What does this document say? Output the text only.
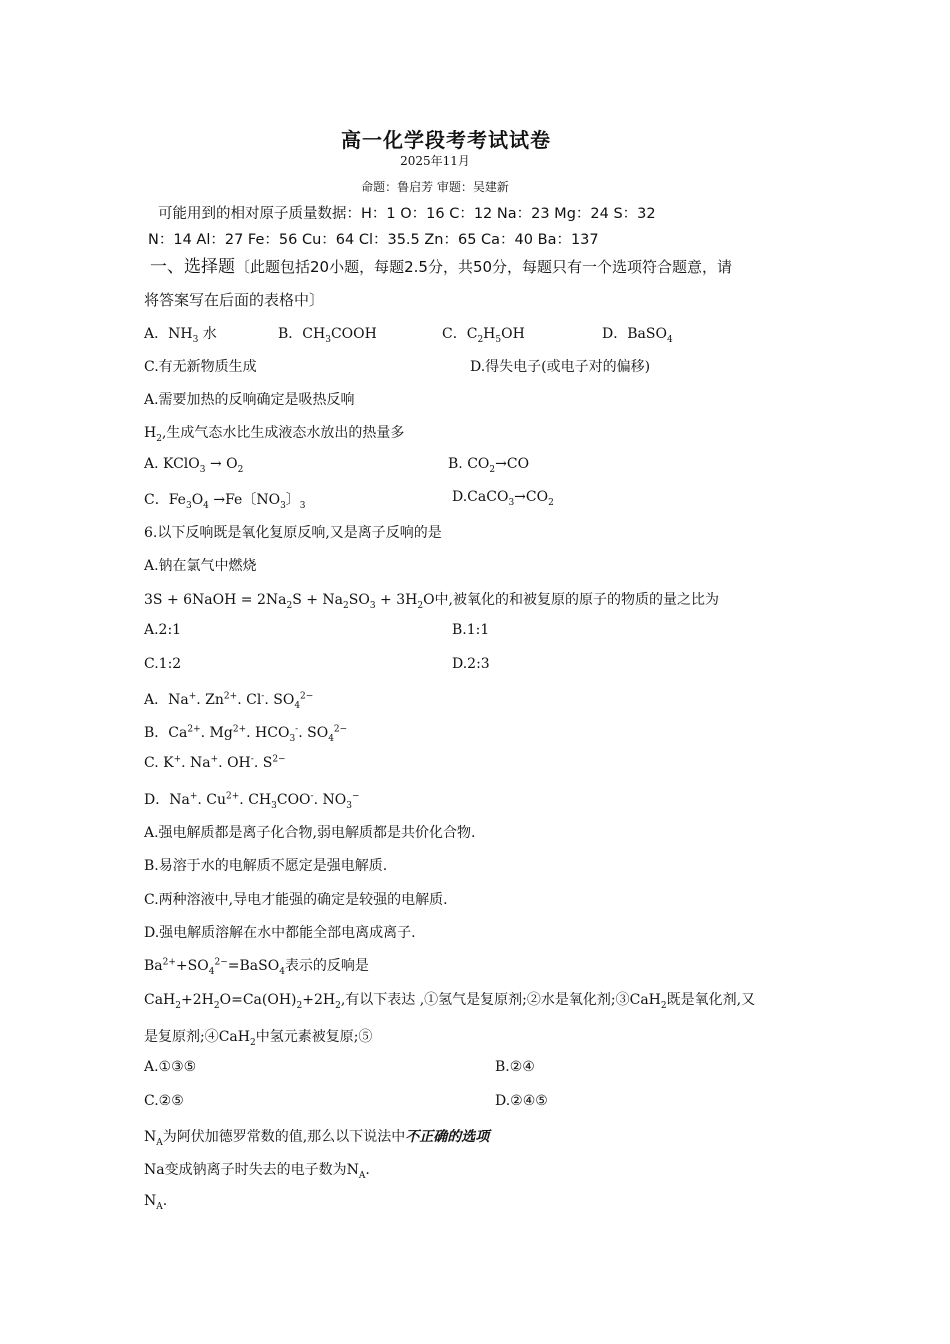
高一化学段考考试试卷
2025年11月
命题：鲁启芳 审题：吴建新
可能用到的相对原子质量数据：H：1 O：16 C：12 Na：23 Mg：24 S：32
N：14 Al：27 Fe：56 Cu：64 Cl：35.5 Zn：65 Ca：40 Ba：137
一、选择题〔此题包括20小题，每题2.5分，共50分，每题只有一个选项符合题意，请
将答案写在后面的表格中〕
A．$NH_3$ 水	B．$CH_3COOH$	C．$C_2H_5OH$	D．BaSO$_4$
C.有无新物质生成	D.得失电子(或电子对的偏移)
A.需要加热的反响确定是吸热反响
$H_2$,生成气态水比生成液态水放出的热量多
A. KClO$_3$ → $O_2$	B. $CO_2\to CO$
C．$Fe_3O_4 \to Fe$〔$NO_3$〕$_3$
$D.CaCO_3\to CO_2$
6.以下反响既是氧化复原反响,又是离子反响的是
A.钠在氯气中燃烧
3S + 6NaOH = $2Na_2S + Na_2SO_3 + 3H_2O$中,被氧化的和被复原的原子的物质的量之比为
A.2:1	B.1:1
C.1:2	D.2:3
A．Na+. $Zn^{2+}$. Cl-. $SO_4^{2-}$
B．$Ca^{2+}$. $Mg^{2+}$. $HCO_3^-$. $SO_4^{2-}$
C. K+. Na+. OH-. $S^{2-}$
D．Na+. $Cu^{2+}$. $CH_3COO^-$. $NO_3^-$
A.强电解质都是离子化合物,弱电解质都是共价化合物.
B.易溶于水的电解质不愿定是强电解质.
C.两种溶液中,导电才能强的确定是较强的电解质.
D.强电解质溶解在水中都能全部电离成离子.
$Ba^{2+}+SO_4^{2-}=BaSO_4$表示的反响是
$CaH_2+2H_2O=Ca(OH)_2+2H_2$,有以下表达 ,①氢气是复原剂;②水是氧化剂;③CaH$_2$既是氧化剂,又
是复原剂;④CaH$_2$中氢元素被复原;⑤
A.①③⑤	B.②④
C.②⑤	D.②④⑤
$N_A$为阿伏加德罗常数的值,那么以下说法中不正确的选项
Na变成钠离子时失去的电子数为$N_A$.
$N_A$.
